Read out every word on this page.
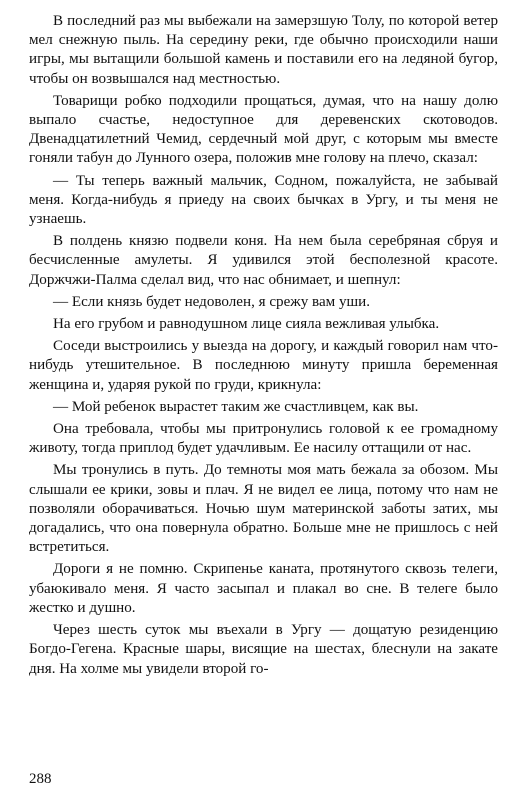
В последний раз мы выбежали на замерзшую Толу, по которой ветер мел снежную пыль. На середину реки, где обычно происходили наши игры, мы вытащили большой камень и поставили его на ледяной бугор, чтобы он возвышался над местностью.

Товарищи робко подходили прощаться, думая, что на нашу долю выпало счастье, недоступное для деревенских скотоводов. Двенадцатилетний Чемид, сердечный мой друг, с которым мы вместе гоняли табун до Лунного озера, положив мне голову на плечо, сказал:

— Ты теперь важный мальчик, Содном, пожалуйста, не забывай меня. Когда-нибудь я приеду на своих бычках в Ургу, и ты меня не узнаешь.

В полдень князю подвели коня. На нем была серебряная сбруя и бесчисленные амулеты. Я удивился этой бесполезной красоте. Доржчжи-Палма сделал вид, что нас обнимает, и шепнул:

— Если князь будет недоволен, я срежу вам уши.

На его грубом и равнодушном лице сияла вежливая улыбка.

Соседи выстроились у выезда на дорогу, и каждый говорил нам что-нибудь утешительное. В последнюю минуту пришла беременная женщина и, ударяя рукой по груди, крикнула:

— Мой ребенок вырастет таким же счастливцем, как вы.

Она требовала, чтобы мы притронулись головой к ее громадному животу, тогда приплод будет удачливым. Ее насилу оттащили от нас.

Мы тронулись в путь. До темноты моя мать бежала за обозом. Мы слышали ее крики, зовы и плач. Я не видел ее лица, потому что нам не позволяли оборачиваться. Ночью шум материнской заботы затих, мы догадались, что она повернула обратно. Больше мне не пришлось с ней встретиться.

Дороги я не помню. Скрипенье каната, протянутого сквозь телеги, убаюкивало меня. Я часто засыпал и плакал во сне. В телеге было жестко и душно.

Через шесть суток мы въехали в Ургу — дощатую резиденцию Богдо-Гегена. Красные шары, висящие на шестах, блеснули на закате дня. На холме мы увидели второй го-

288
